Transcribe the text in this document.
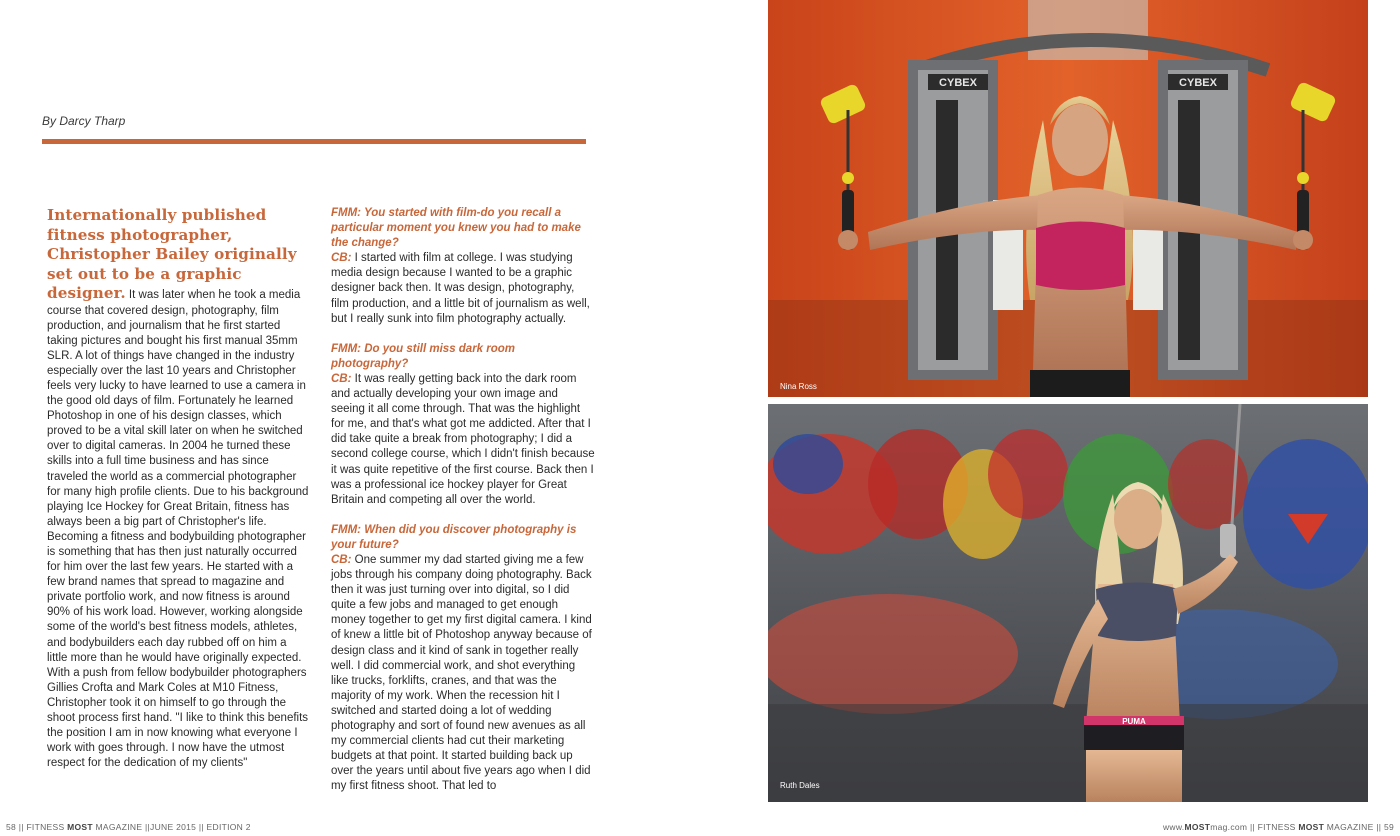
By Darcy Tharp
Internationally published fitness photographer, Christopher Bailey originally set out to be a graphic designer. It was later when he took a media course that covered design, photography, film production, and journalism that he first started taking pictures and bought his first manual 35mm SLR. A lot of things have changed in the industry especially over the last 10 years and Christopher feels very lucky to have learned to use a camera in the good old days of film. Fortunately he learned Photoshop in one of his design classes, which proved to be a vital skill later on when he switched over to digital cameras. In 2004 he turned these skills into a full time business and has since traveled the world as a commercial photographer for many high profile clients. Due to his background playing Ice Hockey for Great Britain, fitness has always been a big part of Christopher's life. Becoming a fitness and bodybuilding photographer is something that has then just naturally occurred for him over the last few years. He started with a few brand names that spread to magazine and private portfolio work, and now fitness is around 90% of his work load. However, working alongside some of the world's best fitness models, athletes, and bodybuilders each day rubbed off on him a little more than he would have originally expected. With a push from fellow bodybuilder photographers Gillies Crofta and Mark Coles at M10 Fitness, Christopher took it on himself to go through the shoot process first hand. "I like to think this benefits the position I am in now knowing what everyone I work with goes through. I now have the utmost respect for the dedication of my clients"

FMM: You started with film-do you recall a particular moment you knew you had to make the change?
CB: I started with film at college. I was studying media design because I wanted to be a graphic designer back then. It was design, photography, film production, and a little bit of journalism as well, but I really sunk into film photography actually.

FMM: Do you still miss dark room photography?
CB: It was really getting back into the dark room and actually developing your own image and seeing it all come through. That was the highlight for me, and that's what got me addicted. After that I did take quite a break from photography; I did a second college course, which I didn't finish because it was quite repetitive of the first course. Back then I was a professional ice hockey player for Great Britain and competing all over the world.

FMM: When did you discover photography is your future?
CB: One summer my dad started giving me a few jobs through his company doing photography. Back then it was just turning over into digital, so I did quite a few jobs and managed to get enough money together to get my first digital camera. I kind of knew a little bit of Photoshop anyway because of design class and it kind of sank in together really well. I did commercial work, and shot everything like trucks, forklifts, cranes, and that was the majority of my work. When the recession hit I switched and started doing a lot of wedding photography and sort of found new avenues as all my commercial clients had cut their marketing budgets at that point. It started building back up over the years until about five years ago when I did my first fitness shoot. That led to

CYBEX	CYBEX
Nina Ross
PUMA
Ruth Dales
58 || FITNESS MOST MAGAZINE ||JUNE 2015 || EDITION 2	www.MOSTmag.com || FITNESS MOST MAGAZINE || 59
